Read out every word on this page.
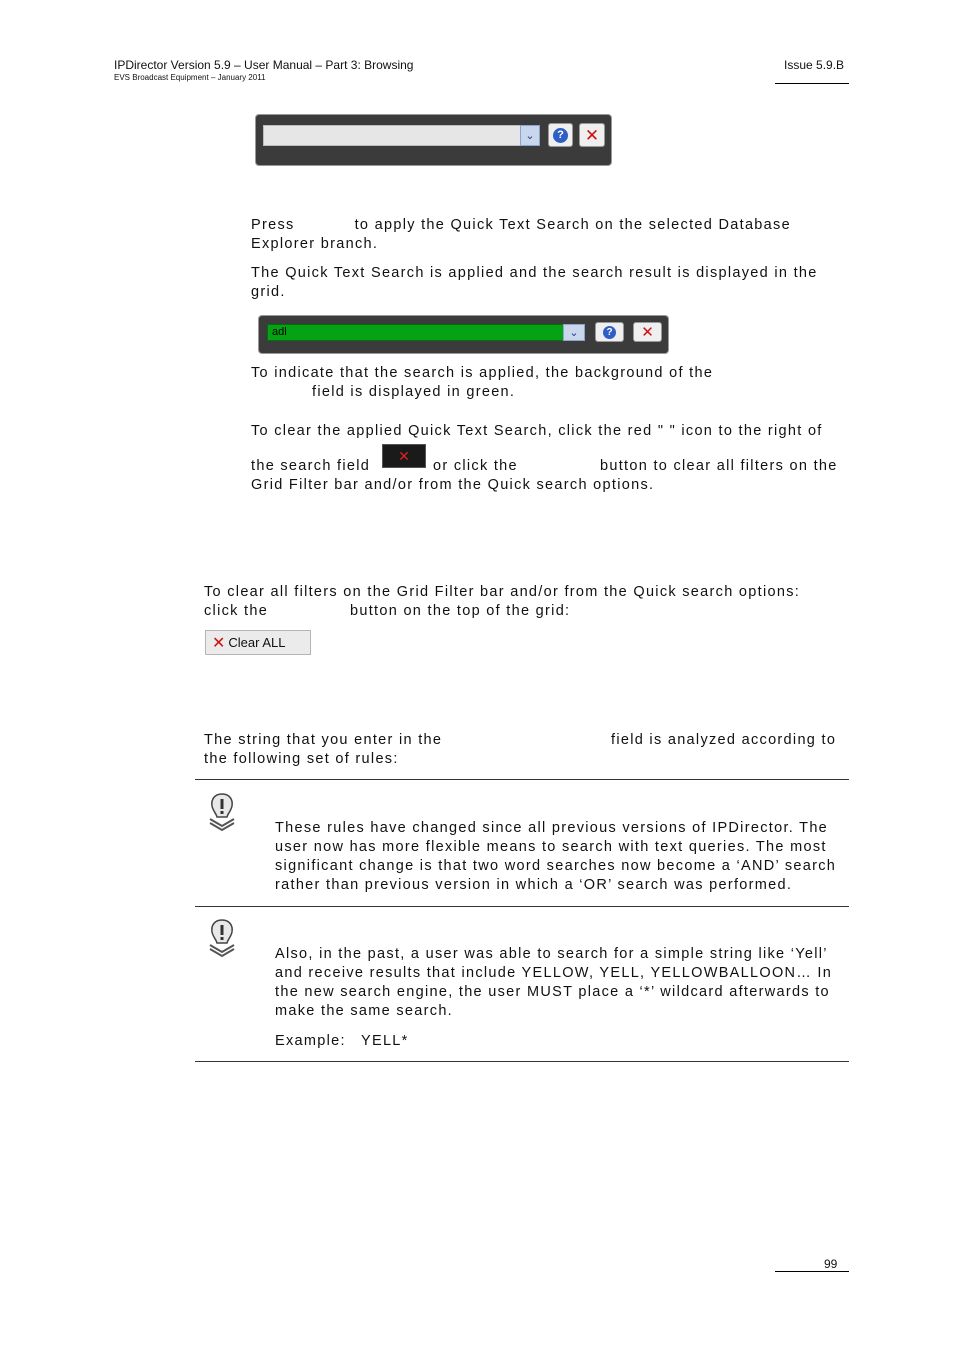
IPDirector Version 5.9 – User Manual – Part 3: Browsing
EVS Broadcast Equipment – January 2011
Issue 5.9.B
⌄	? ✕
Press	to apply the Quick Text Search on the selected Database
Explorer branch.
The Quick Text Search is applied and the search result is displayed in the
grid.
adl	⌄	? ✕
To indicate that the search is applied, the background of the
field is displayed in green.
To clear the applied Quick Text Search, click the red " " icon to the right of
the search field
✕
or click the	button to clear all filters on the
Grid Filter bar and/or from the Quick search options.
To clear all filters on the Grid Filter bar and/or from the Quick search options:
click the	button on the top of the grid:
✕ Clear ALL
The string that you enter in the	field is analyzed according to
the following set of rules:
These rules have changed since all previous versions of IPDirector. The
user now has more flexible means to search with text queries. The most
significant change is that two word searches now become a ‘AND’ search
rather than previous version in which a ‘OR’ search was performed.
Also, in the past, a user was able to search for a simple string like ‘Yell’
and receive results that include YELLOW, YELL, YELLOWBALLOON… In
the new search engine, the user MUST place a ‘*’ wildcard afterwards to
make the same search.
Example: YELL*
99
